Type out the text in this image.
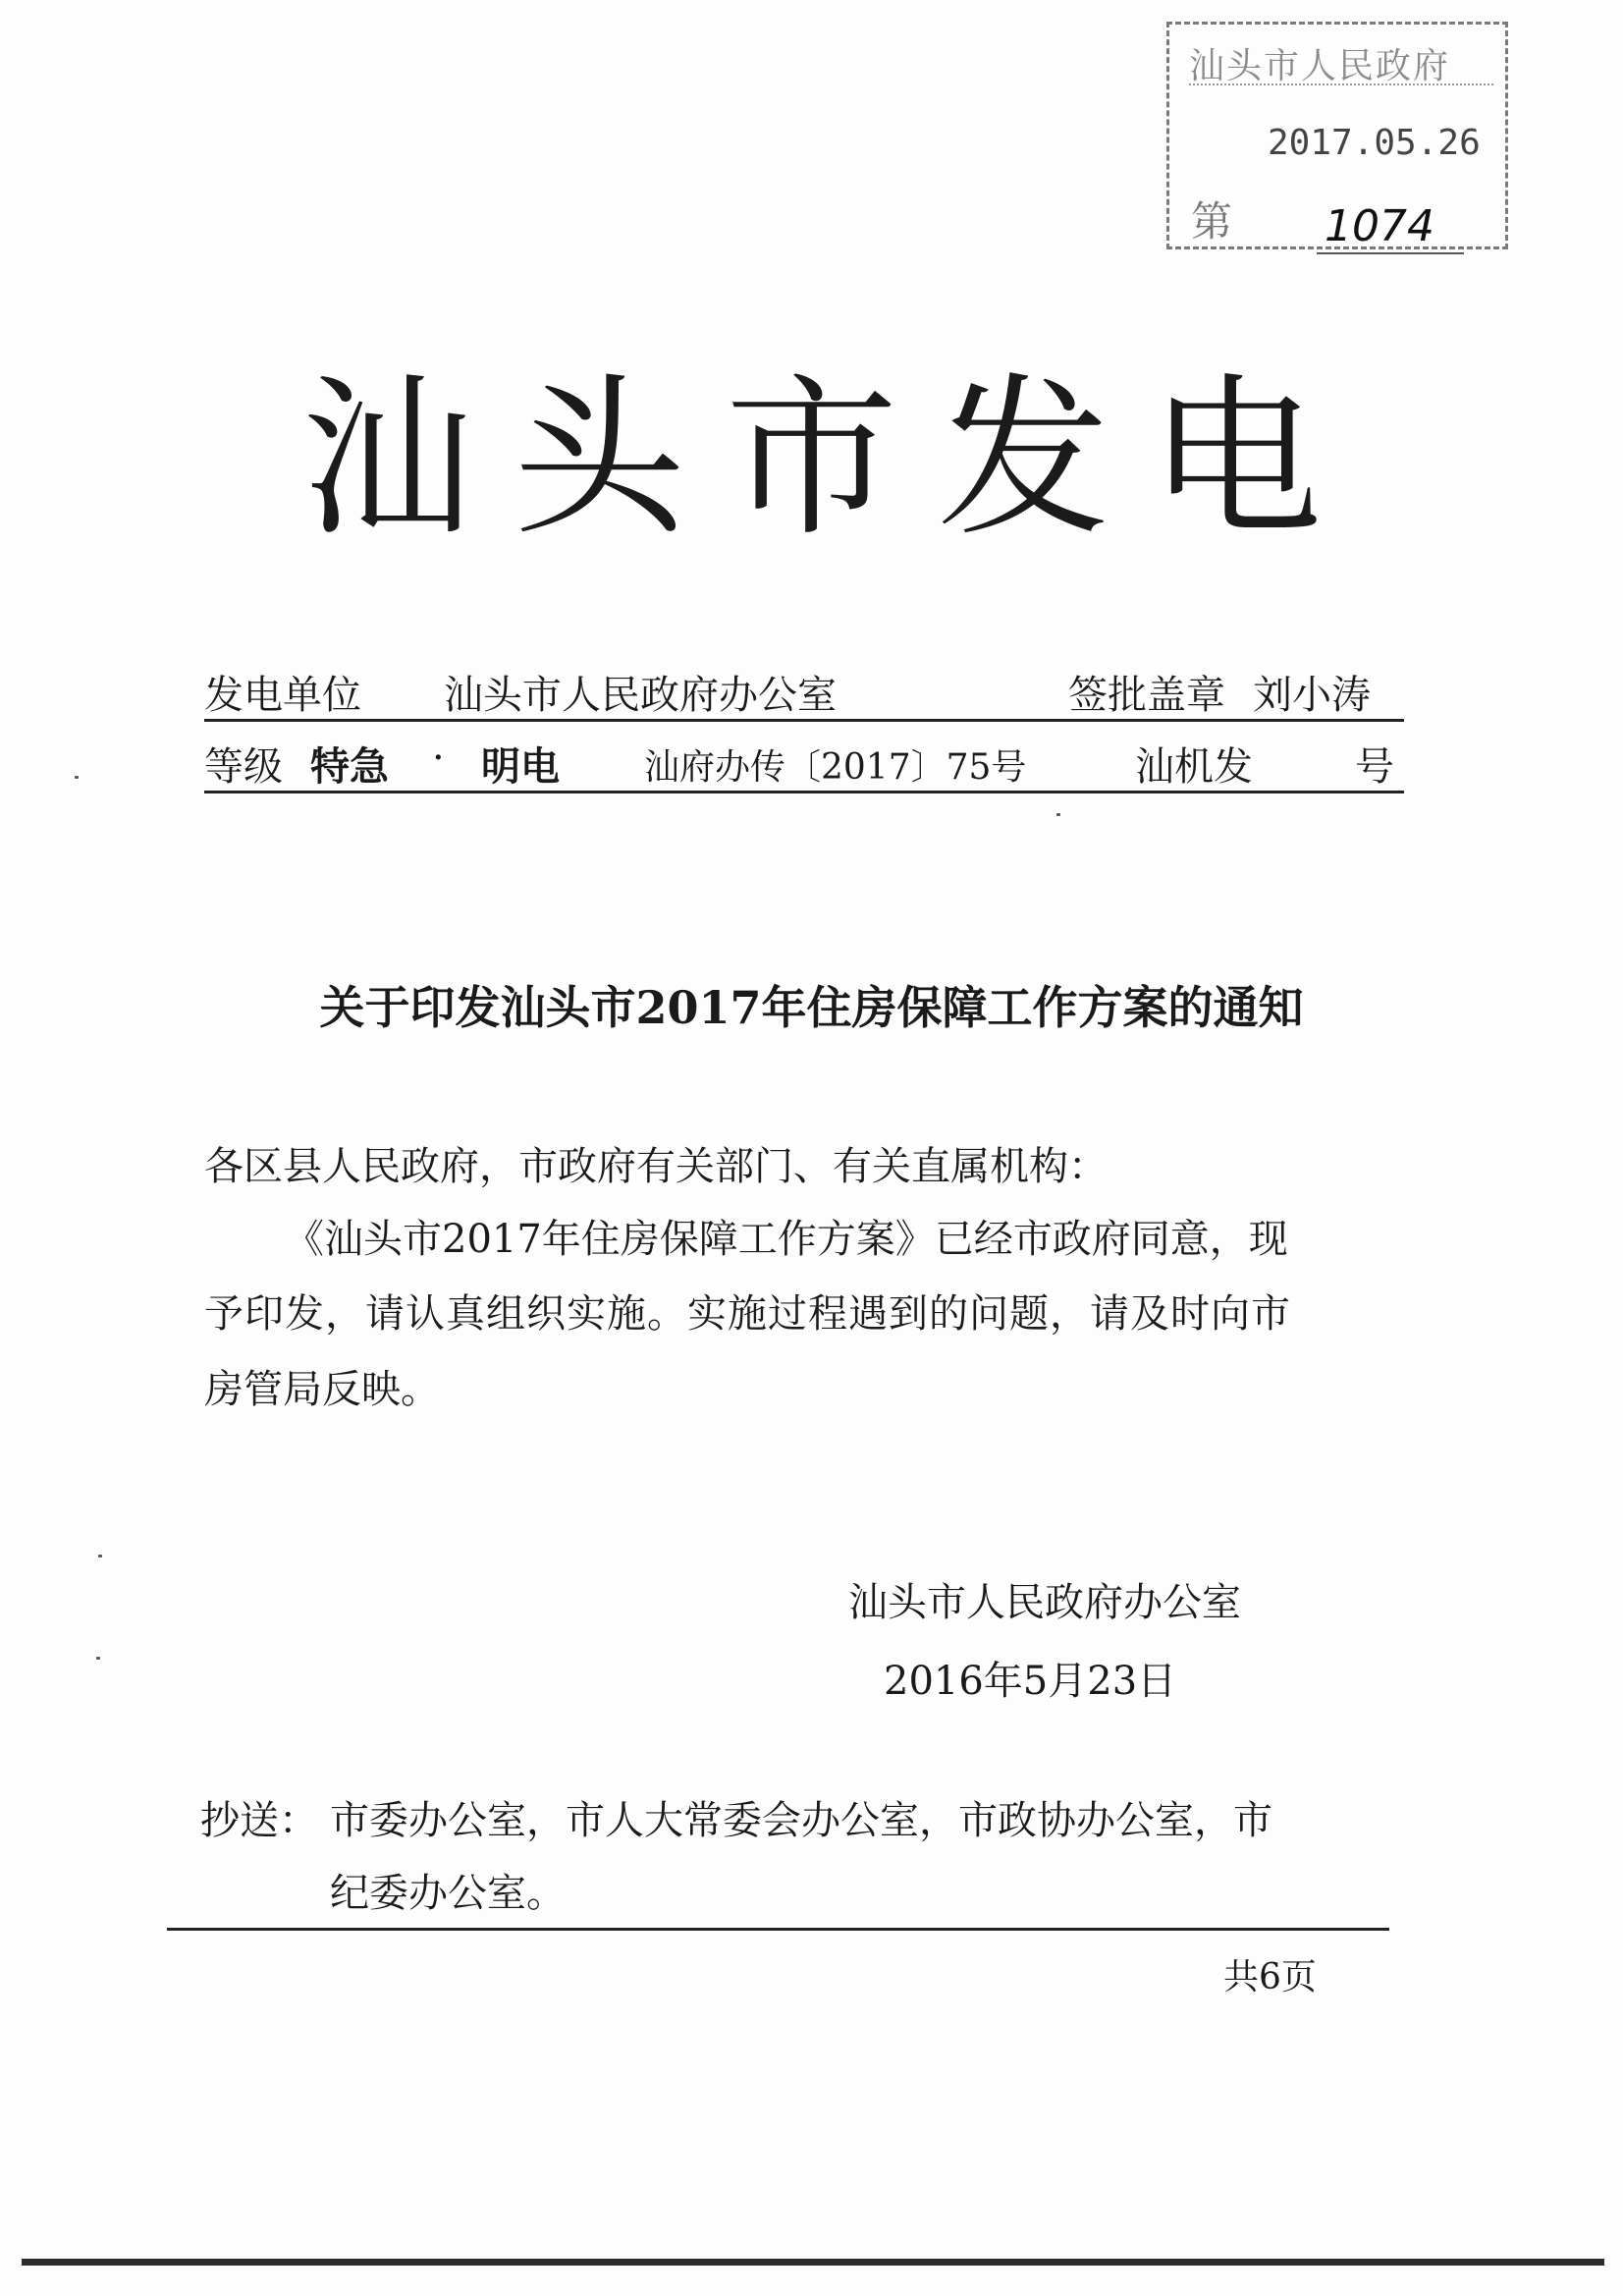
汕头市人民政府
2017.05.26
第 1074
汕头市发电
发电单位 汕头市人民政府办公室	签批盖章 刘小涛
等级 特急 · 明电 汕府办传〔2017〕75号	汕机发	号
关于印发汕头市2017年住房保障工作方案的通知
各区县人民政府，市政府有关部门、有关直属机构：
《汕头市2017年住房保障工作方案》已经市政府同意，现
予印发，请认真组织实施。实施过程遇到的问题，请及时向市
房管局反映。
汕头市人民政府办公室
2016年5月23日
抄送： 市委办公室，市人大常委会办公室，市政协办公室，市
纪委办公室。
共6页
